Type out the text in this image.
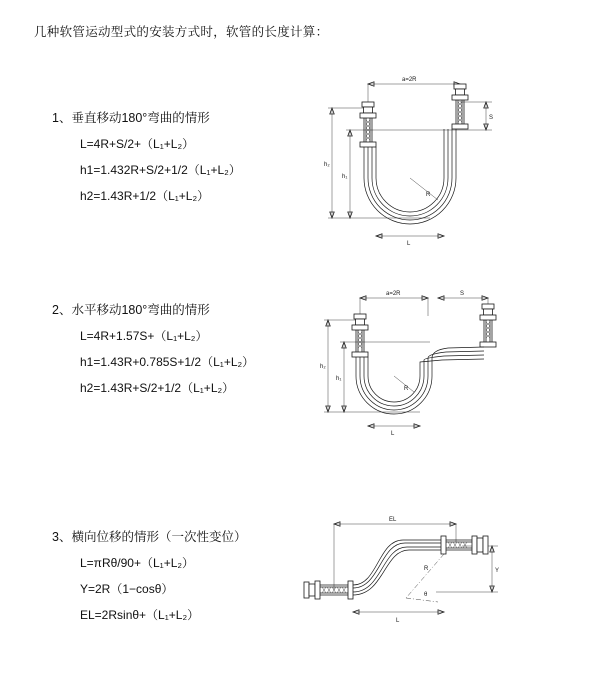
几种软管运动型式的安装方式时，软管的长度计算：
1、垂直移动180°弯曲的情形
L=4R+S/2+（L₁+L₂）
h1=1.432R+S/2+1/2（L₁+L₂）
h2=1.43R+1/2（L₁+L₂）
a=2R
S
h₂
h₁
R
L
2、水平移动180°弯曲的情形
L=4R+1.57S+（L₁+L₂）
h1=1.43R+0.785S+1/2（L₁+L₂）
h2=1.43R+S/2+1/2（L₁+L₂）
a=2R	S
h₂
h₁
R
L
3、横向位移的情形（一次性变位）
L=πRθ/90+（L₁+L₂）
Y=2R（1−cosθ）
EL=2Rsinθ+（L₁+L₂）
EL
Y
R
θ
L
